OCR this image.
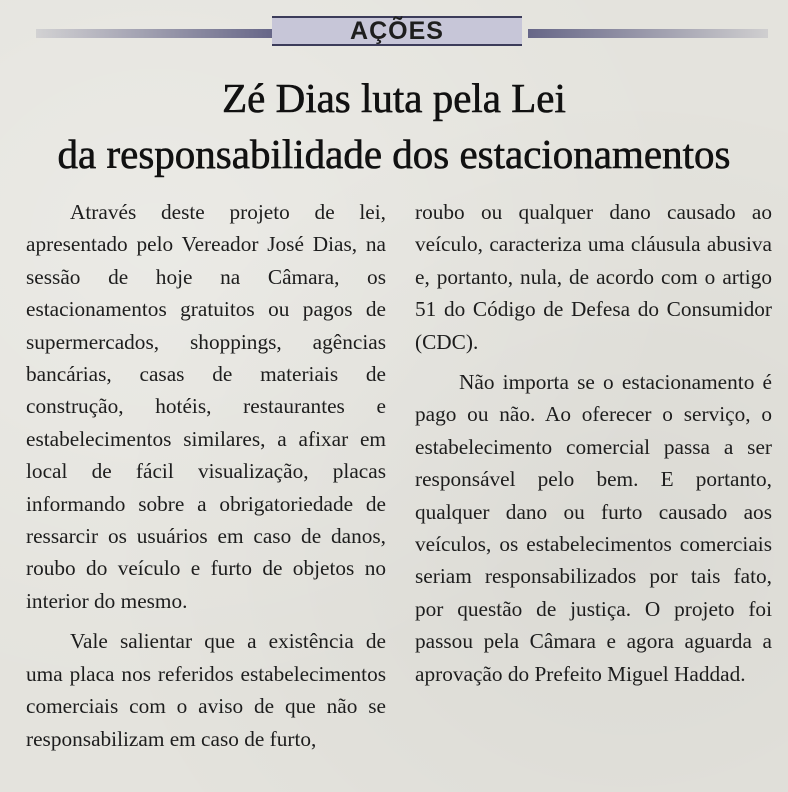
AÇÕES
Zé Dias luta pela Lei
da responsabilidade dos estacionamentos

Através deste projeto de lei, apresentado pelo Vereador José Dias, na sessão de hoje na Câmara, os estacionamentos gratuitos ou pagos de supermercados, shoppings, agências bancárias, casas de materiais de construção, hotéis, restaurantes e estabelecimentos similares, a afixar em local de fácil visualização, placas informando sobre a obrigatoriedade de ressarcir os usuários em caso de danos, roubo do veículo e furto de objetos no interior do mesmo.

Vale salientar que a existência de uma placa nos referidos estabelecimentos comerciais com o aviso de que não se responsabilizam em caso de furto,

roubo ou qualquer dano causado ao veículo, caracteriza uma cláusula abusiva e, portanto, nula, de acordo com o artigo 51 do Código de Defesa do Consumidor (CDC).

Não importa se o estacionamento é pago ou não. Ao oferecer o serviço, o estabelecimento comercial passa a ser responsável pelo bem. E portanto, qualquer dano ou furto causado aos veículos, os estabelecimentos comerciais seriam responsabilizados por tais fato, por questão de justiça. O projeto foi passou pela Câmara e agora aguarda a aprovação do Prefeito Miguel Haddad.
